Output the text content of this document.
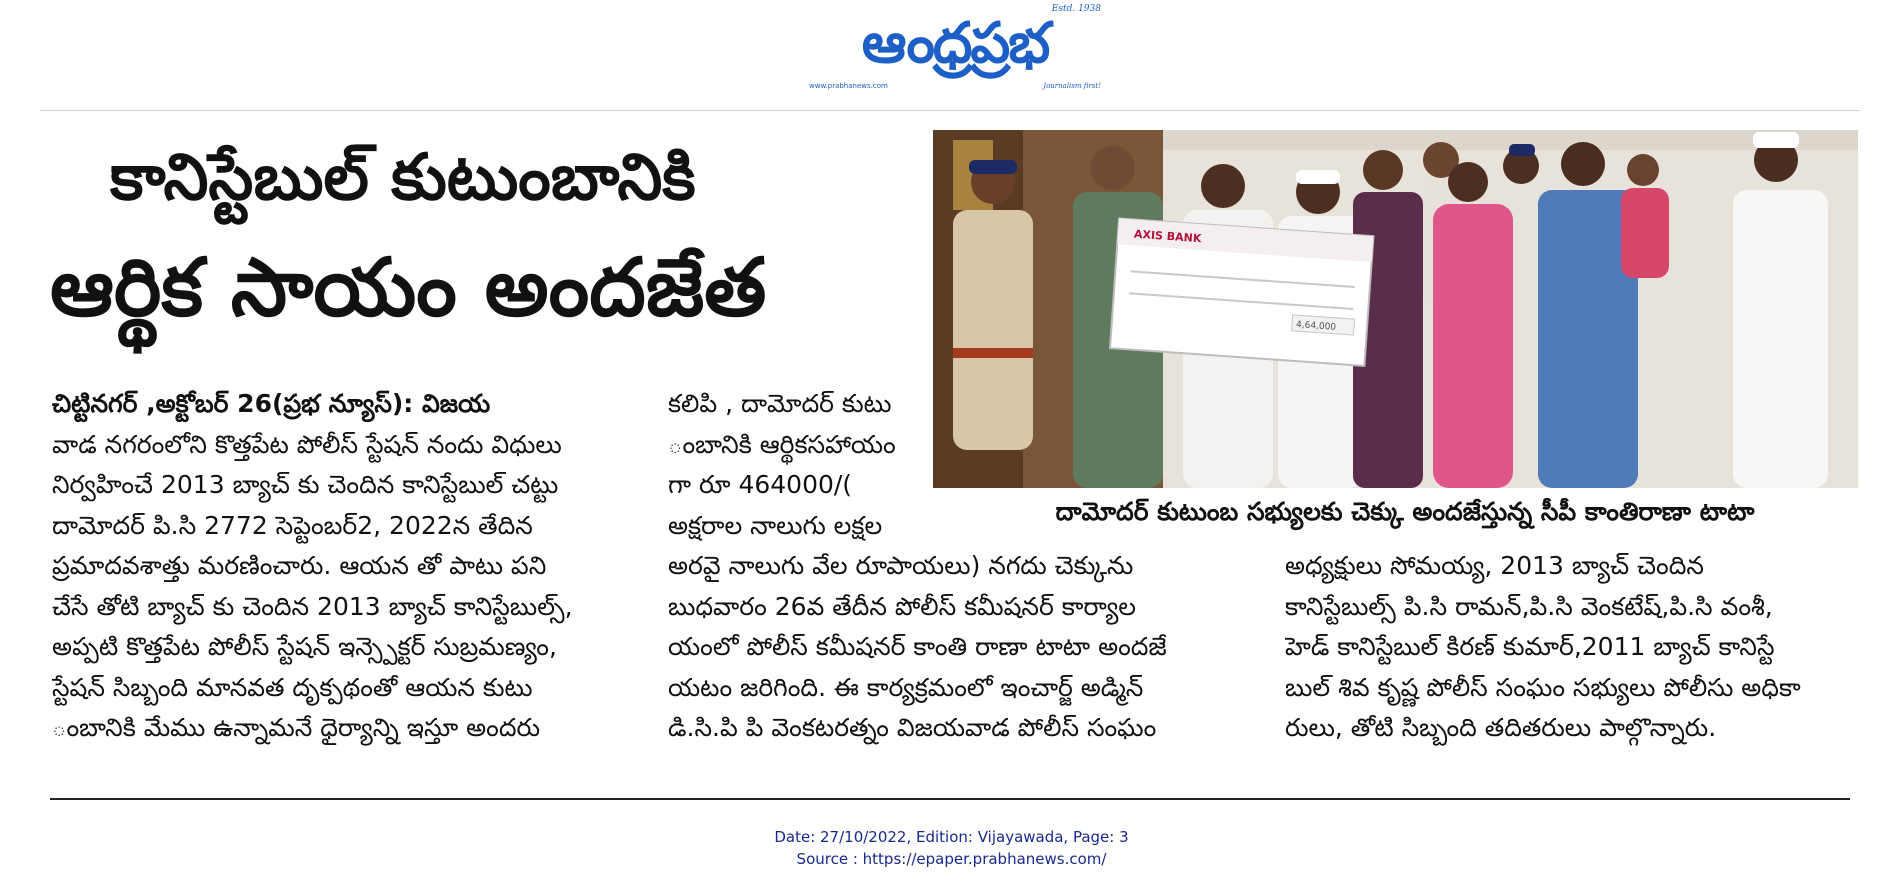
ఆంధ్రప్రభ
Estd. 1938
www.prabhanews.com	Journalism first!
కానిస్టేబుల్ కుటుంబానికి
ఆర్థిక సాయం అందజేత
AXIS BANK
4,64,000
దామోదర్ కుటుంబ సభ్యులకు చెక్కు అందజేస్తున్న సీపీ కాంతిరాణా టాటా
చిట్టినగర్ ,అక్టోబర్ 26(ప్రభ న్యూస్): విజయ
వాడ నగరంలోని కొత్తపేట పోలీస్ స్టేషన్ నందు విధులు
నిర్వహించే 2013 బ్యాచ్ కు చెందిన కానిస్టేబుల్ చట్టు
దామోదర్ పి.సి 2772 సెప్టెంబర్2, 2022న తేదిన
ప్రమాదవశాత్తు మరణించారు. ఆయన తో పాటు పని
చేసే తోటి బ్యాచ్ కు చెందిన 2013 బ్యాచ్ కానిస్టేబుల్స్,
అప్పటి కొత్తపేట పోలీస్ స్టేషన్ ఇన్స్పెక్టర్ సుబ్రమణ్యం,
స్టేషన్ సిబ్బంది మానవత దృక్పథంతో ఆయన కుటు
ంబానికి మేము ఉన్నామనే ధైర్యాన్ని ఇస్తూ అందరు
కలిపి , దామోదర్ కుటు
ంబానికి ఆర్థికసహాయం
గా రూ 464000/(
అక్షరాల నాలుగు లక్షల
అరవై నాలుగు వేల రూపాయలు) నగదు చెక్కును
బుధవారం 26వ తేదీన పోలీస్ కమీషనర్ కార్యాల
యంలో పోలీస్ కమీషనర్ కాంతి రాణా టాటా అందజే
యటం జరిగింది. ఈ కార్యక్రమంలో ఇంచార్జ్ అడ్మిన్
డి.సి.పి పి వెంకటరత్నం విజయవాడ పోలీస్ సంఘం
అధ్యక్షులు సోమయ్య, 2013 బ్యాచ్ చెందిన
కానిస్టేబుల్స్ పి.సి రామన్,పి.సి వెంకటేష్,పి.సి వంశీ,
హెడ్ కానిస్టేబుల్ కిరణ్ కుమార్,2011 బ్యాచ్ కానిస్టే
బుల్ శివ కృష్ణ పోలీస్ సంఘం సభ్యులు పోలీసు అధికా
రులు, తోటి సిబ్బంది తదితరులు పాల్గొన్నారు.
Date: 27/10/2022, Edition: Vijayawada, Page: 3
Source : https://epaper.prabhanews.com/
